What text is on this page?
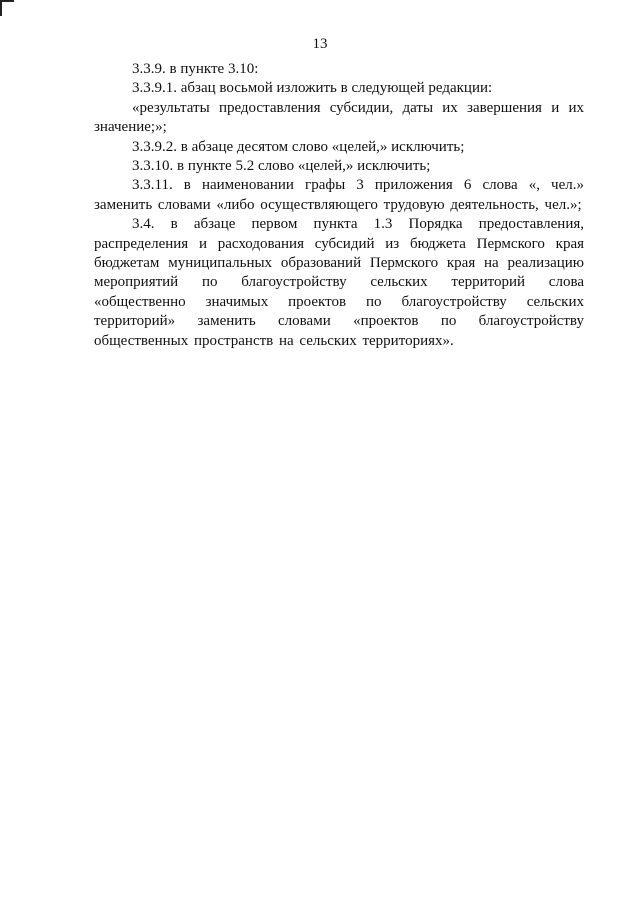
13

3.3.9. в пункте 3.10:

3.3.9.1. абзац восьмой изложить в следующей редакции:

«результаты предоставления субсидии, даты их завершения и их значение;»;

3.3.9.2. в абзаце десятом слово «целей,» исключить;

3.3.10. в пункте 5.2 слово «целей,» исключить;

3.3.11. в наименовании графы 3 приложения 6 слова «, чел.» заменить словами «либо осуществляющего трудовую деятельность, чел.»;

3.4. в абзаце первом пункта 1.3 Порядка предоставления, распределения и расходования субсидий из бюджета Пермского края бюджетам муниципальных образований Пермского края на реализацию мероприятий по благоустройству сельских территорий слова «общественно значимых проектов по благоустройству сельских территорий» заменить словами «проектов по благоустройству общественных пространств на сельских территориях».
